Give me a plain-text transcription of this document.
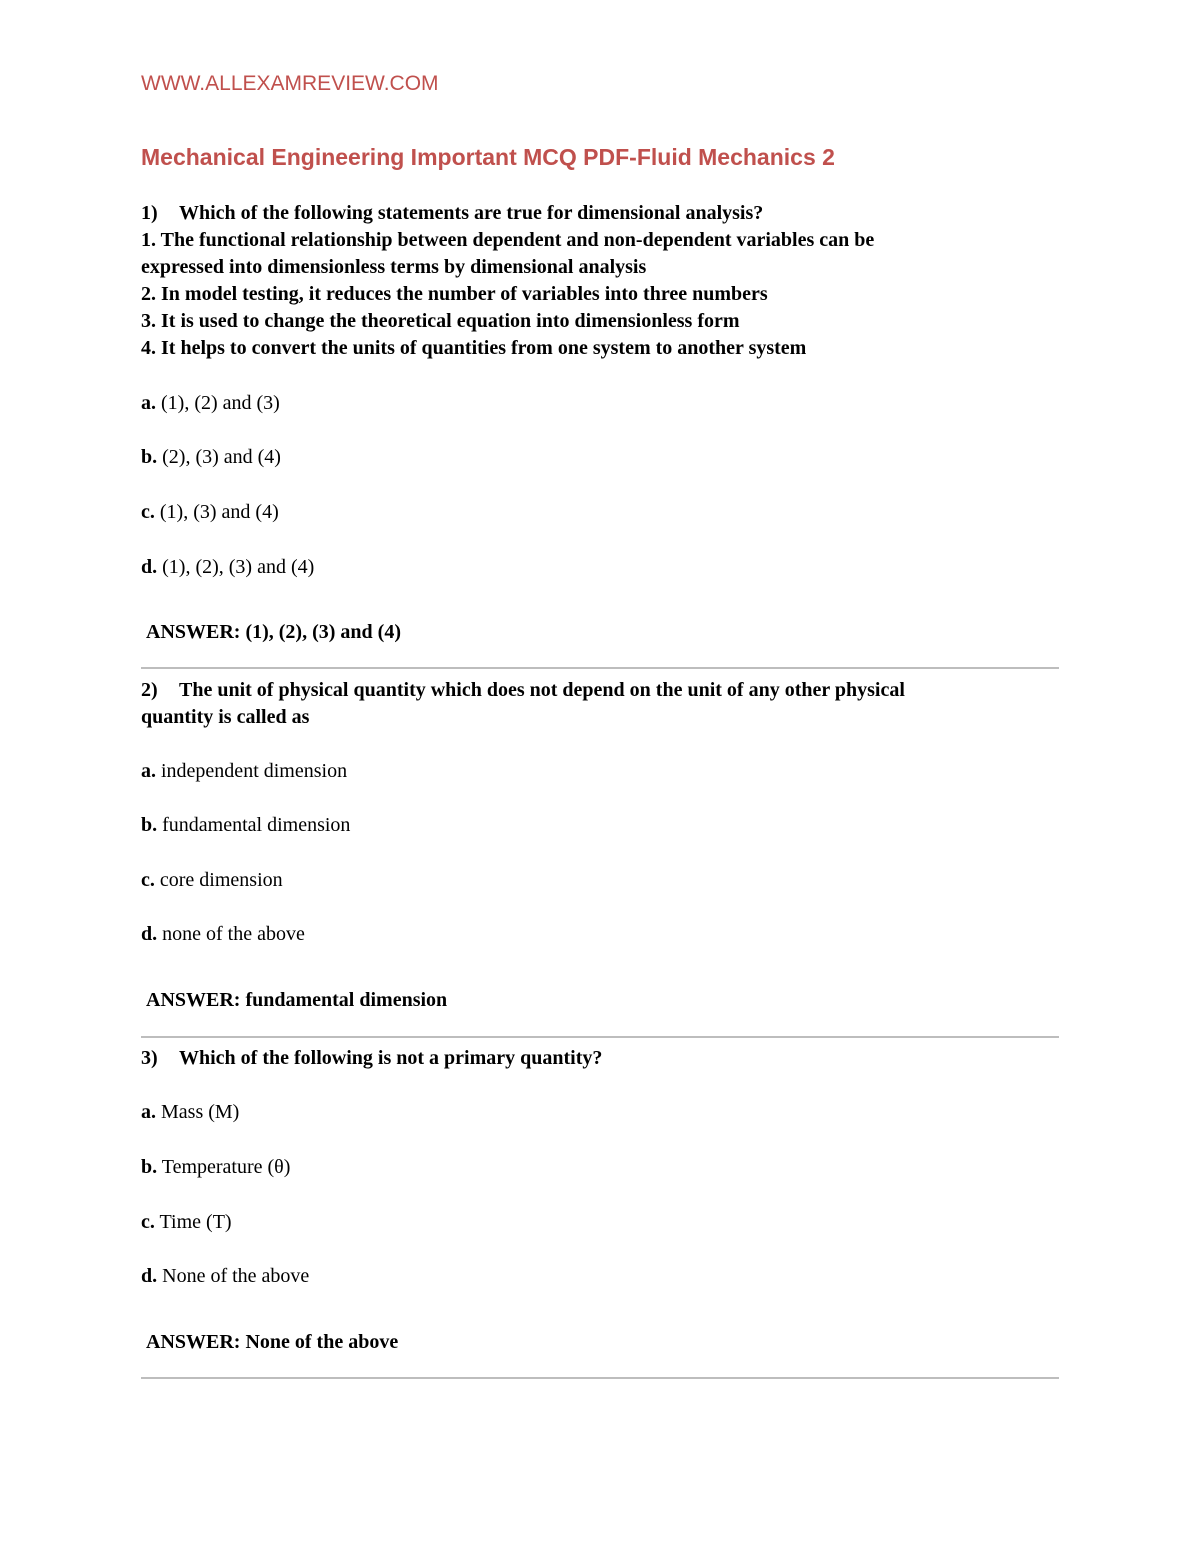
WWW.ALLEXAMREVIEW.COM
Mechanical Engineering Important MCQ PDF-Fluid Mechanics 2
1) Which of the following statements are true for dimensional analysis?
1. The functional relationship between dependent and non-dependent variables can be
expressed into dimensionless terms by dimensional analysis
2. In model testing, it reduces the number of variables into three numbers
3. It is used to change the theoretical equation into dimensionless form
4. It helps to convert the units of quantities from one system to another system
a. (1), (2) and (3)
b. (2), (3) and (4)
c. (1), (3) and (4)
d. (1), (2), (3) and (4)
ANSWER: (1), (2), (3) and (4)
2) The unit of physical quantity which does not depend on the unit of any other physical
quantity is called as
a. independent dimension
b. fundamental dimension
c. core dimension
d. none of the above
ANSWER: fundamental dimension
3) Which of the following is not a primary quantity?
a. Mass (M)
b. Temperature (θ)
c. Time (T)
d. None of the above
ANSWER: None of the above
